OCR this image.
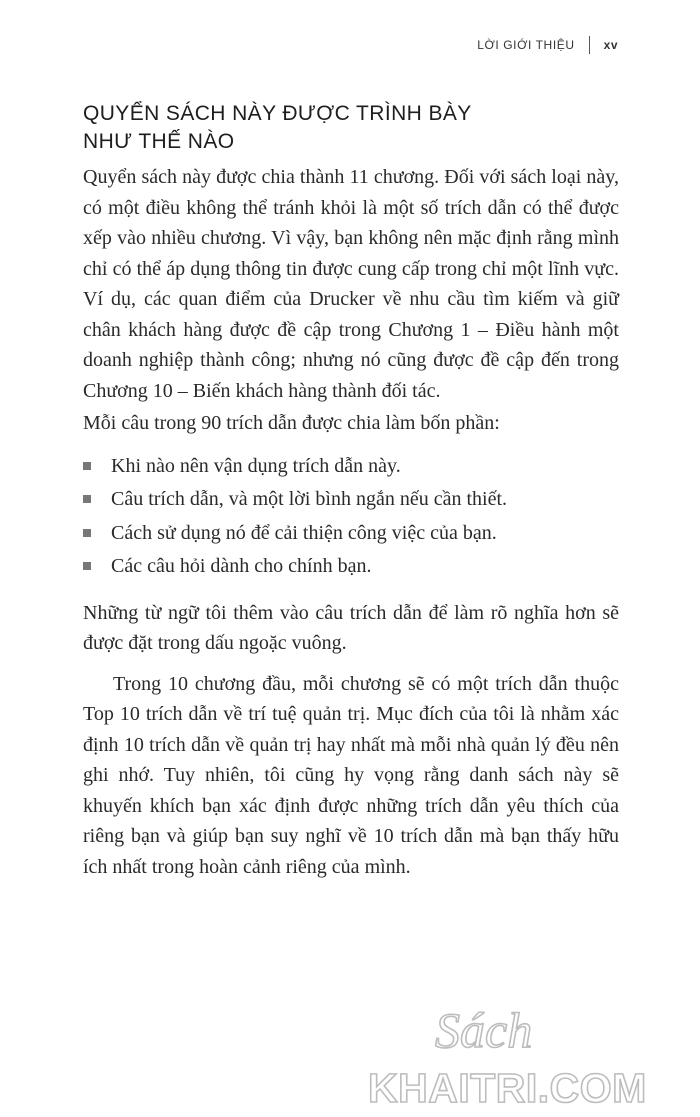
LỜI GIỚI THIỆU xv
QUYỂN SÁCH NÀY ĐƯỢC TRÌNH BÀY
NHƯ THẾ NÀO

Quyển sách này được chia thành 11 chương. Đối với sách loại này, có một điều không thể tránh khỏi là một số trích dẫn có thể được xếp vào nhiều chương. Vì vậy, bạn không nên mặc định rằng mình chỉ có thể áp dụng thông tin được cung cấp trong chỉ một lĩnh vực. Ví dụ, các quan điểm của Drucker về nhu cầu tìm kiếm và giữ chân khách hàng được đề cập trong Chương 1 – Điều hành một doanh nghiệp thành công; nhưng nó cũng được đề cập đến trong Chương 10 – Biến khách hàng thành đối tác.

Mỗi câu trong 90 trích dẫn được chia làm bốn phần:

Khi nào nên vận dụng trích dẫn này.
Câu trích dẫn, và một lời bình ngắn nếu cần thiết.
Cách sử dụng nó để cải thiện công việc của bạn.
Các câu hỏi dành cho chính bạn.

Những từ ngữ tôi thêm vào câu trích dẫn để làm rõ nghĩa hơn sẽ được đặt trong dấu ngoặc vuông.

Trong 10 chương đầu, mỗi chương sẽ có một trích dẫn thuộc Top 10 trích dẫn về trí tuệ quản trị. Mục đích của tôi là nhằm xác định 10 trích dẫn về quản trị hay nhất mà mỗi nhà quản lý đều nên ghi nhớ. Tuy nhiên, tôi cũng hy vọng rằng danh sách này sẽ khuyến khích bạn xác định được những trích dẫn yêu thích của riêng bạn và giúp bạn suy nghĩ về 10 trích dẫn mà bạn thấy hữu ích nhất trong hoàn cảnh riêng của mình.

Sách
KHAITRI.COM
